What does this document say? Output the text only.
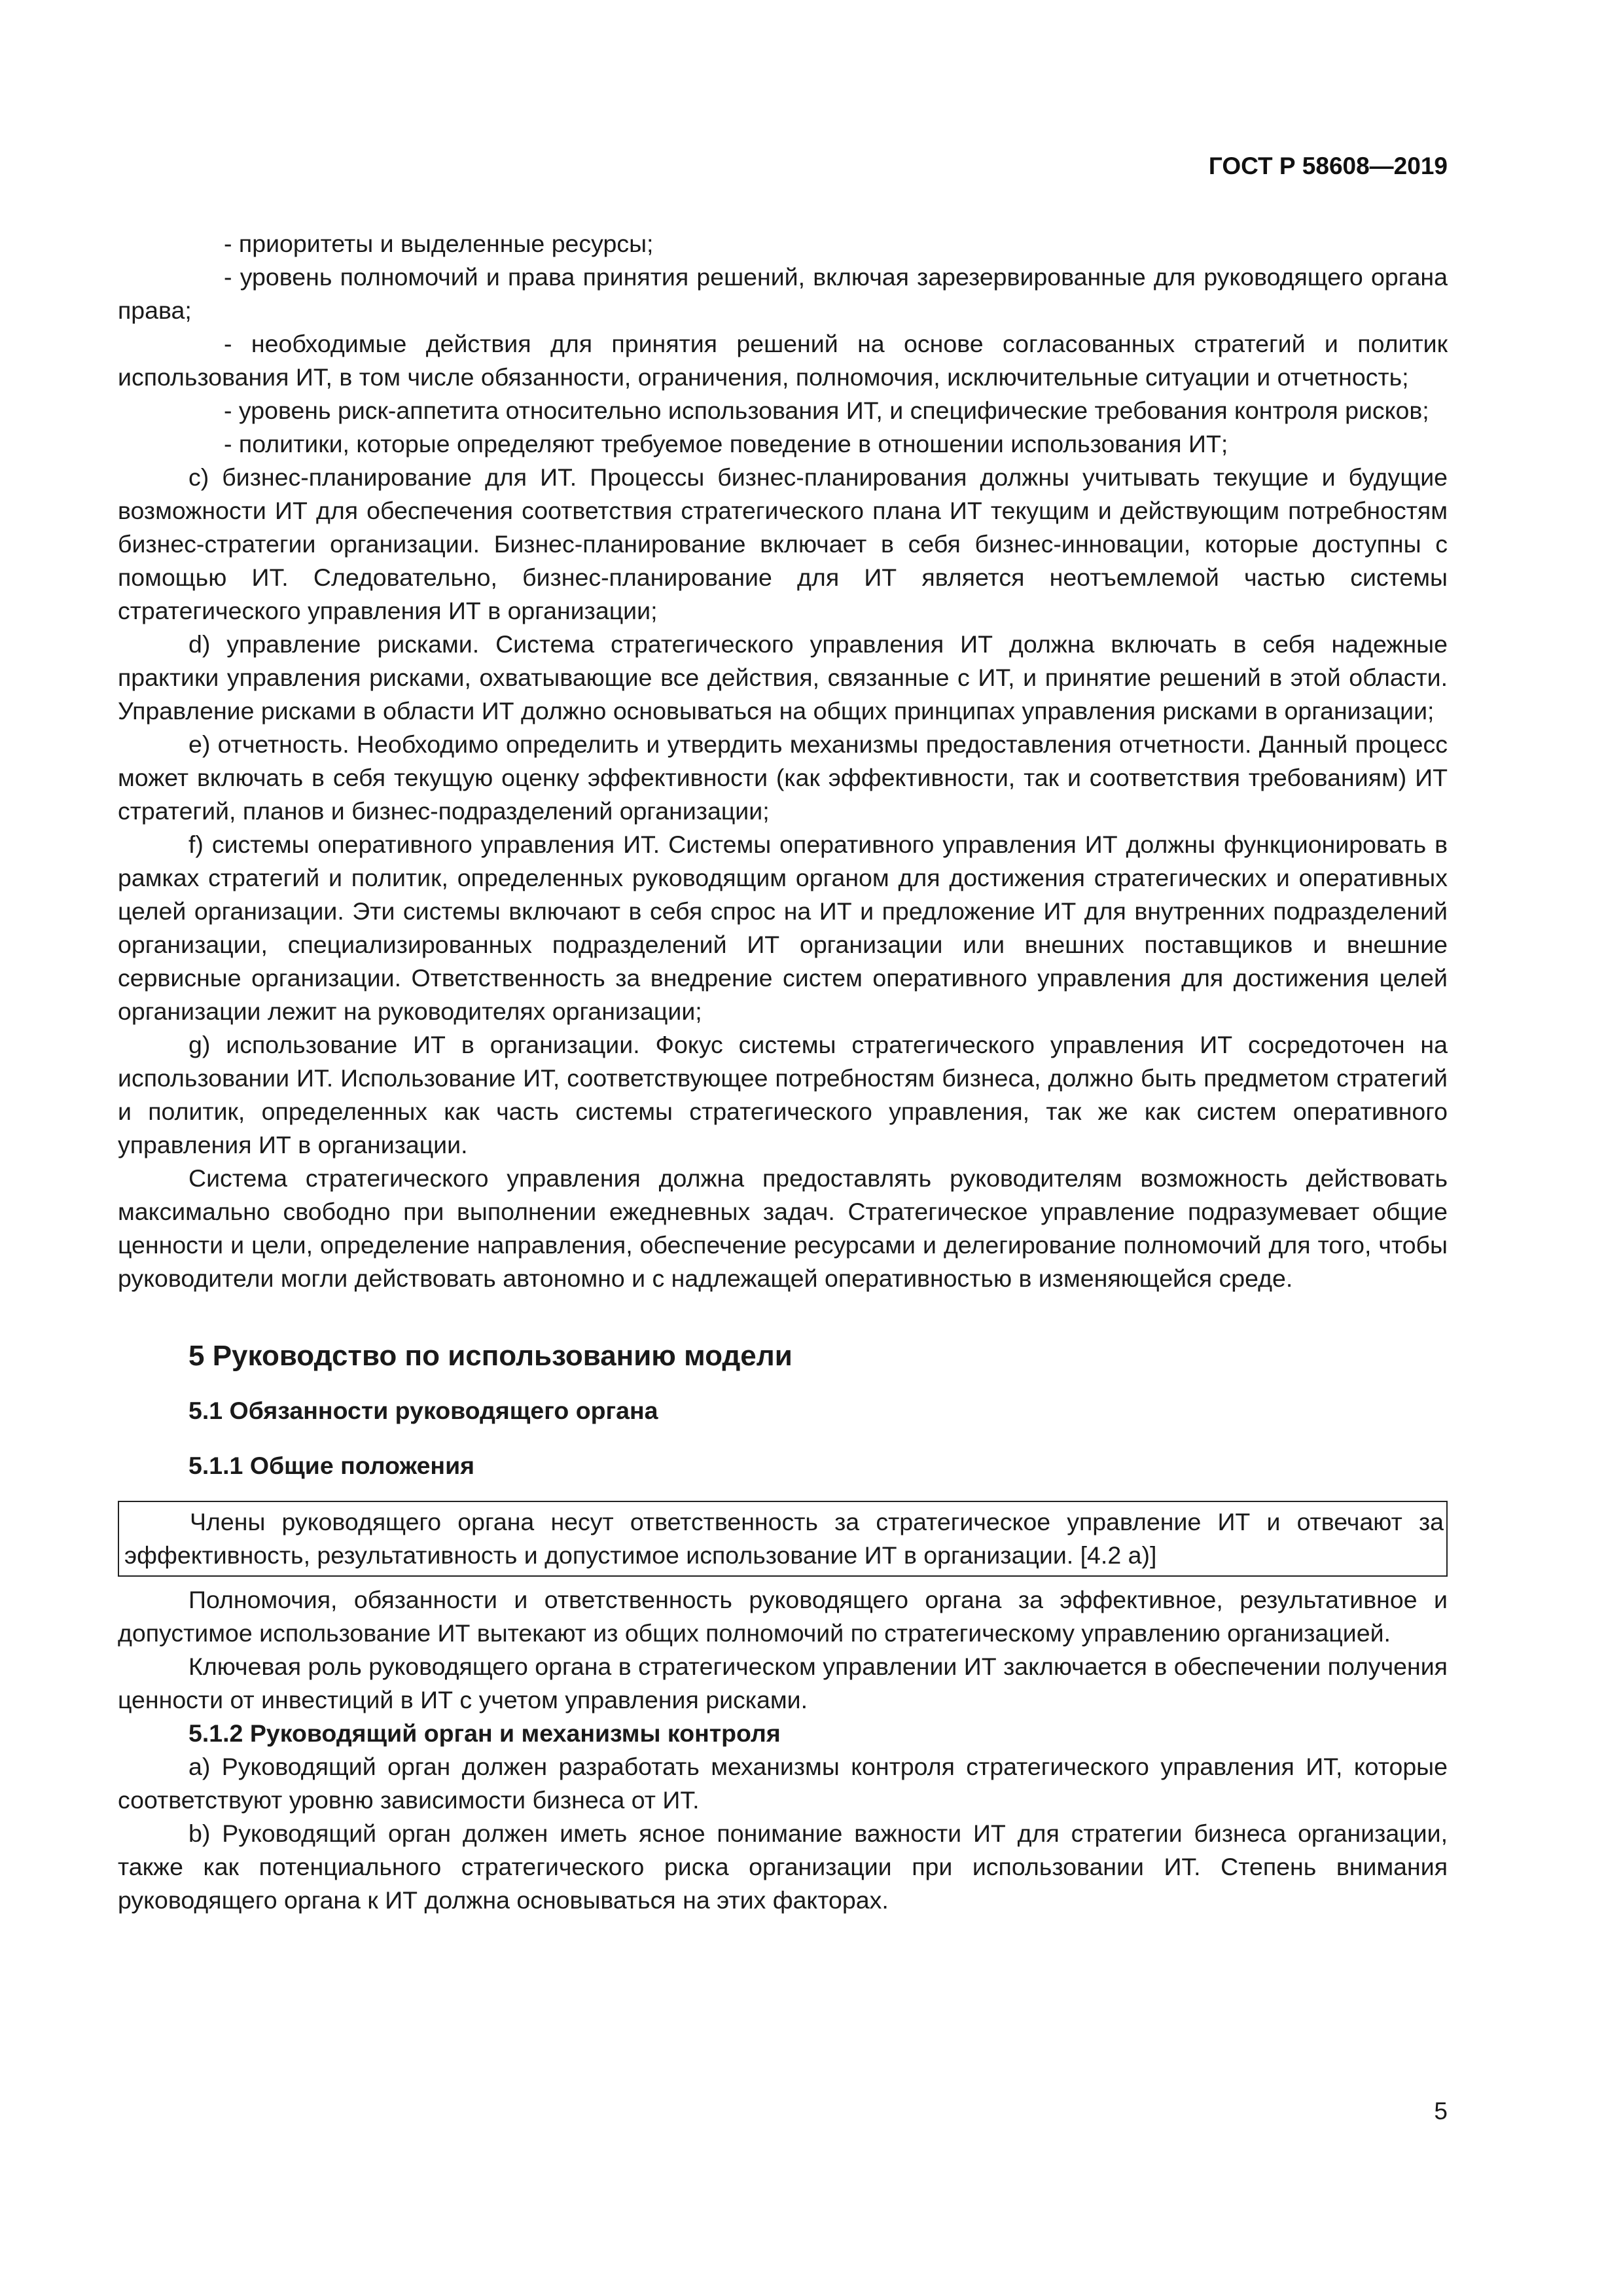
ГОСТ Р 58608—2019

- приоритеты и выделенные ресурсы;

- уровень полномочий и права принятия решений, включая зарезервированные для руководящего органа права;

- необходимые действия для принятия решений на основе согласованных стратегий и политик использования ИТ, в том числе обязанности, ограничения, полномочия, исключительные ситуации и отчетность;

- уровень риск-аппетита относительно использования ИТ, и специфические требования контроля рисков;

- политики, которые определяют требуемое поведение в отношении использования ИТ;

c) бизнес-планирование для ИТ. Процессы бизнес-планирования должны учитывать текущие и будущие возможности ИТ для обеспечения соответствия стратегического плана ИТ текущим и действующим потребностям бизнес-стратегии организации. Бизнес-планирование включает в себя бизнес-инновации, которые доступны с помощью ИТ. Следовательно, бизнес-планирование для ИТ является неотъемлемой частью системы стратегического управления ИТ в организации;

d) управление рисками. Система стратегического управления ИТ должна включать в себя надежные практики управления рисками, охватывающие все действия, связанные с ИТ, и принятие решений в этой области. Управление рисками в области ИТ должно основываться на общих принципах управления рисками в организации;

e) отчетность. Необходимо определить и утвердить механизмы предоставления отчетности. Данный процесс может включать в себя текущую оценку эффективности (как эффективности, так и соответствия требованиям) ИТ стратегий, планов и бизнес-подразделений организации;

f) системы оперативного управления ИТ. Системы оперативного управления ИТ должны функционировать в рамках стратегий и политик, определенных руководящим органом для достижения стратегических и оперативных целей организации. Эти системы включают в себя спрос на ИТ и предложение ИТ для внутренних подразделений организации, специализированных подразделений ИТ организации или внешних поставщиков и внешние сервисные организации. Ответственность за внедрение систем оперативного управления для достижения целей организации лежит на руководителях организации;

g) использование ИТ в организации. Фокус системы стратегического управления ИТ сосредоточен на использовании ИТ. Использование ИТ, соответствующее потребностям бизнеса, должно быть предметом стратегий и политик, определенных как часть системы стратегического управления, так же как систем оперативного управления ИТ в организации.

Система стратегического управления должна предоставлять руководителям возможность действовать максимально свободно при выполнении ежедневных задач. Стратегическое управление подразумевает общие ценности и цели, определение направления, обеспечение ресурсами и делегирование полномочий для того, чтобы руководители могли действовать автономно и с надлежащей оперативностью в изменяющейся среде.

5 Руководство по использованию модели
5.1 Обязанности руководящего органа
5.1.1 Общие положения

Члены руководящего органа несут ответственность за стратегическое управление ИТ и отвечают за эффективность, результативность и допустимое использование ИТ в организации. [4.2 a)]

Полномочия, обязанности и ответственность руководящего органа за эффективное, результативное и допустимое использование ИТ вытекают из общих полномочий по стратегическому управлению организацией.

Ключевая роль руководящего органа в стратегическом управлении ИТ заключается в обеспечении получения ценности от инвестиций в ИТ с учетом управления рисками.

5.1.2 Руководящий орган и механизмы контроля

a) Руководящий орган должен разработать механизмы контроля стратегического управления ИТ, которые соответствуют уровню зависимости бизнеса от ИТ.

b) Руководящий орган должен иметь ясное понимание важности ИТ для стратегии бизнеса организации, также как потенциального стратегического риска организации при использовании ИТ. Степень внимания руководящего органа к ИТ должна основываться на этих факторах.

5
